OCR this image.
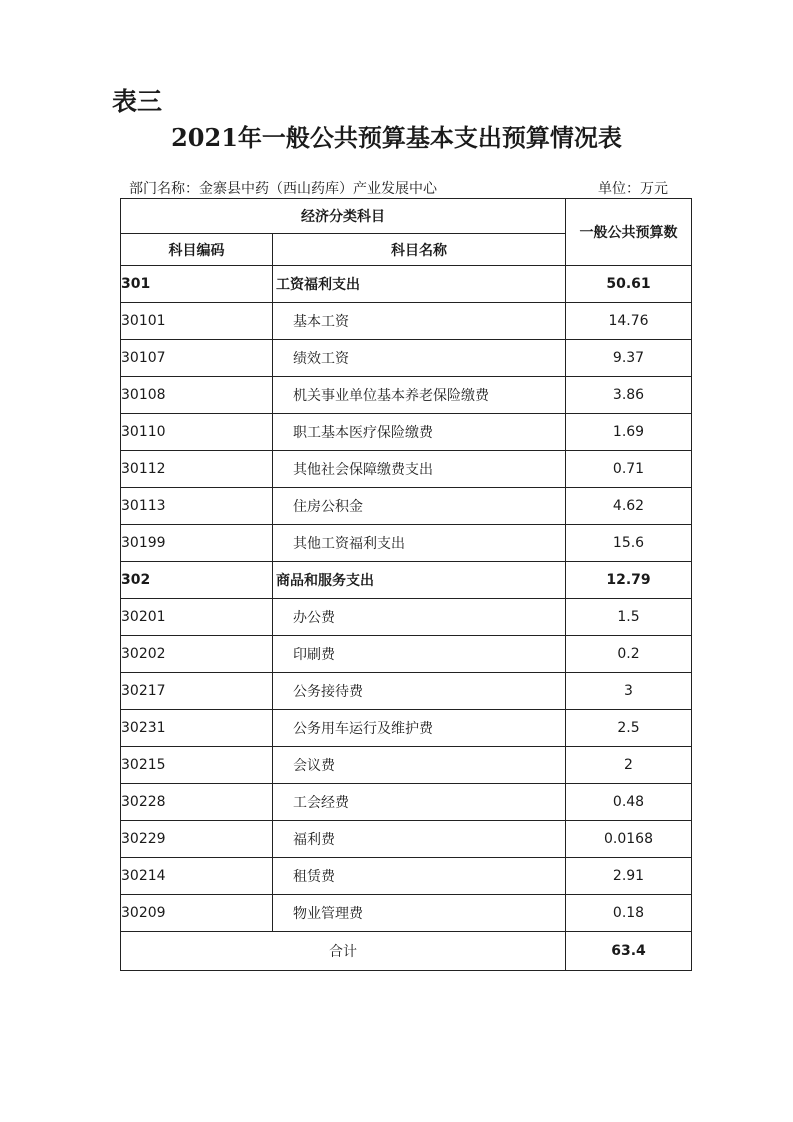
表三
2021年一般公共预算基本支出预算情况表
部门名称：金寨县中药（西山药库）产业发展中心	单位：万元
经济分类科目		一般公共预算数
科目编码	科目名称	
301	工资福利支出	50.61
30101	基本工资	14.76
30107	绩效工资	9.37
30108	机关事业单位基本养老保险缴费	3.86
30110	职工基本医疗保险缴费	1.69
30112	其他社会保障缴费支出	0.71
30113	住房公积金	4.62
30199	其他工资福利支出	15.6
302	商品和服务支出	12.79
30201	办公费	1.5
30202	印刷费	0.2
30217	公务接待费	3
30231	公务用车运行及维护费	2.5
30215	会议费	2
30228	工会经费	0.48
30229	福利费	0.0168
30214	租赁费	2.91
30209	物业管理费	0.18
合计		63.4
